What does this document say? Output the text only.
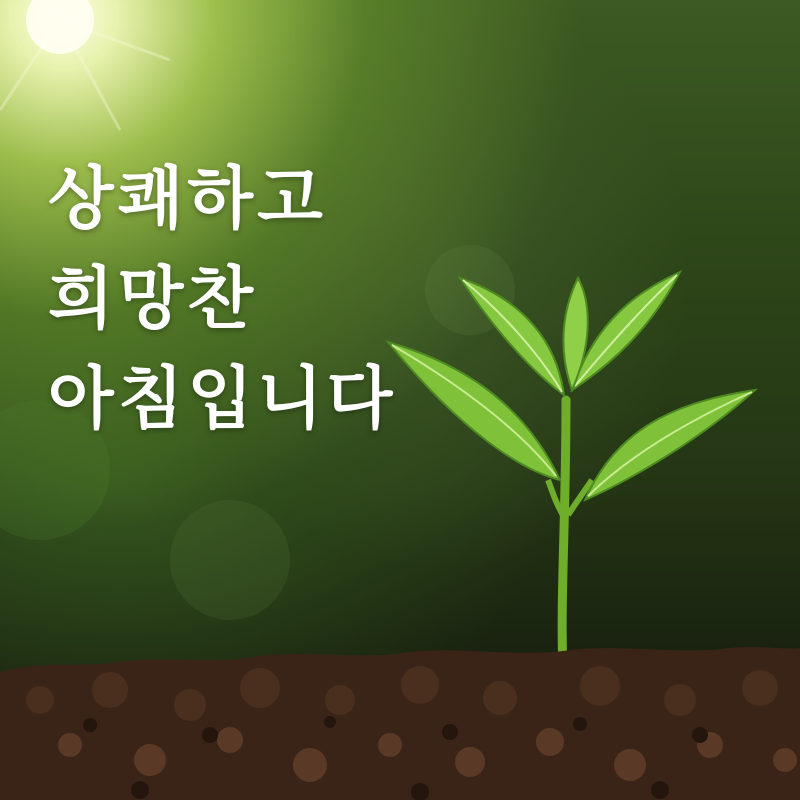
상쾌하고
희망찬
아침입니다
